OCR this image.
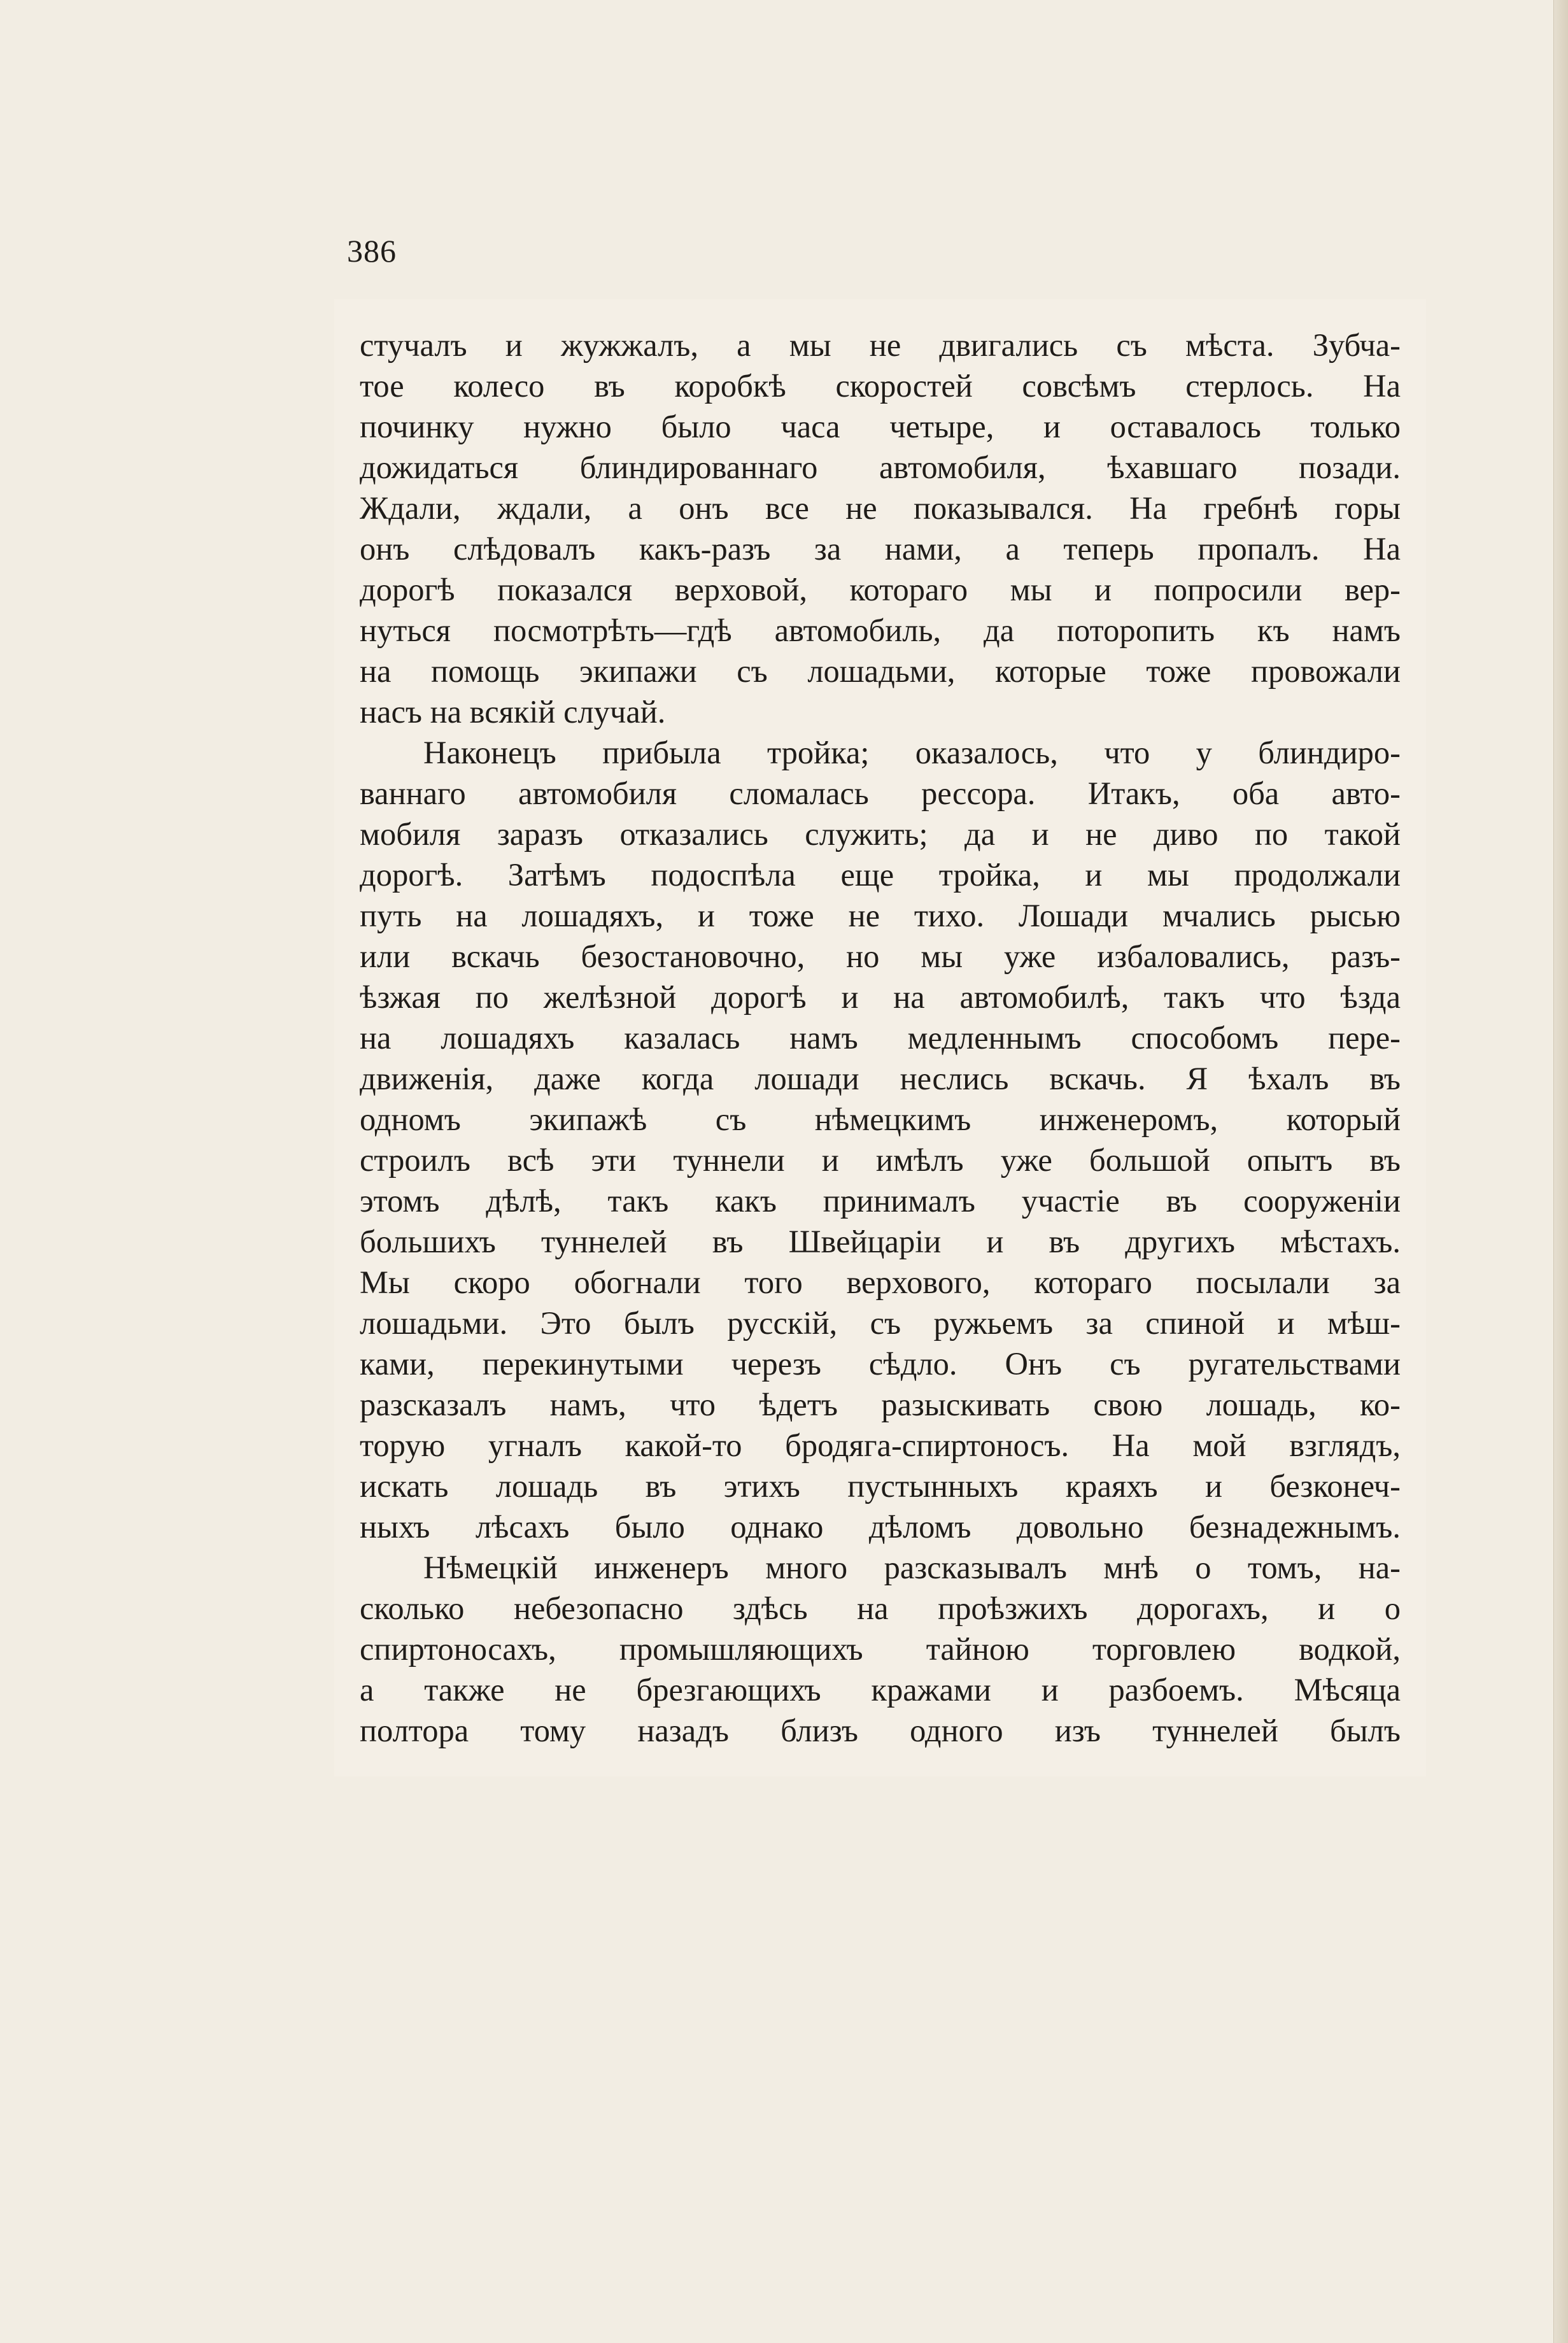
386
стучалъ и жужжалъ, а мы не двигались съ мѣста. Зубча-
тое колесо въ коробкѣ скоростей совсѣмъ стерлось. На
починку нужно было часа четыре, и оставалось только
дожидаться блиндированнаго автомобиля, ѣхавшаго позади.
Ждали, ждали, а онъ все не показывался. На гребнѣ горы
онъ слѣдовалъ какъ-разъ за нами, а теперь пропалъ. На
дорогѣ показался верховой, котораго мы и попросили вер-
нуться посмотрѣть—гдѣ автомобиль, да поторопить къ намъ
на помощь экипажи съ лошадьми, которые тоже провожали
насъ на всякій случай.
Наконецъ прибыла тройка; оказалось, что у блиндиро-
ваннаго автомобиля сломалась рессора. Итакъ, оба авто-
мобиля заразъ отказались служить; да и не диво по такой
дорогѣ. Затѣмъ подоспѣла еще тройка, и мы продолжали
путь на лошадяхъ, и тоже не тихо. Лошади мчались рысью
или вскачь безостановочно, но мы уже избаловались, разъ-
ѣзжая по желѣзной дорогѣ и на автомобилѣ, такъ что ѣзда
на лошадяхъ казалась намъ медленнымъ способомъ пере-
движенія, даже когда лошади неслись вскачь. Я ѣхалъ въ
одномъ экипажѣ съ нѣмецкимъ инженеромъ, который
строилъ всѣ эти туннели и имѣлъ уже большой опытъ въ
этомъ дѣлѣ, такъ какъ принималъ участіе въ сооруженіи
большихъ туннелей въ Швейцаріи и въ другихъ мѣстахъ.
Мы скоро обогнали того верхового, котораго посылали за
лошадьми. Это былъ русскій, съ ружьемъ за спиной и мѣш-
ками, перекинутыми черезъ сѣдло. Онъ съ ругательствами
разсказалъ намъ, что ѣдетъ разыскивать свою лошадь, ко-
торую угналъ какой-то бродяга-спиртоносъ. На мой взглядъ,
искать лошадь въ этихъ пустынныхъ краяхъ и безконеч-
ныхъ лѣсахъ было однако дѣломъ довольно безнадежнымъ.
Нѣмецкій инженеръ много разсказывалъ мнѣ о томъ, на-
сколько небезопасно здѣсь на проѣзжихъ дорогахъ, и о
спиртоносахъ, промышляющихъ тайною торговлею водкой,
а также не брезгающихъ кражами и разбоемъ. Мѣсяца
полтора тому назадъ близъ одного изъ туннелей былъ
